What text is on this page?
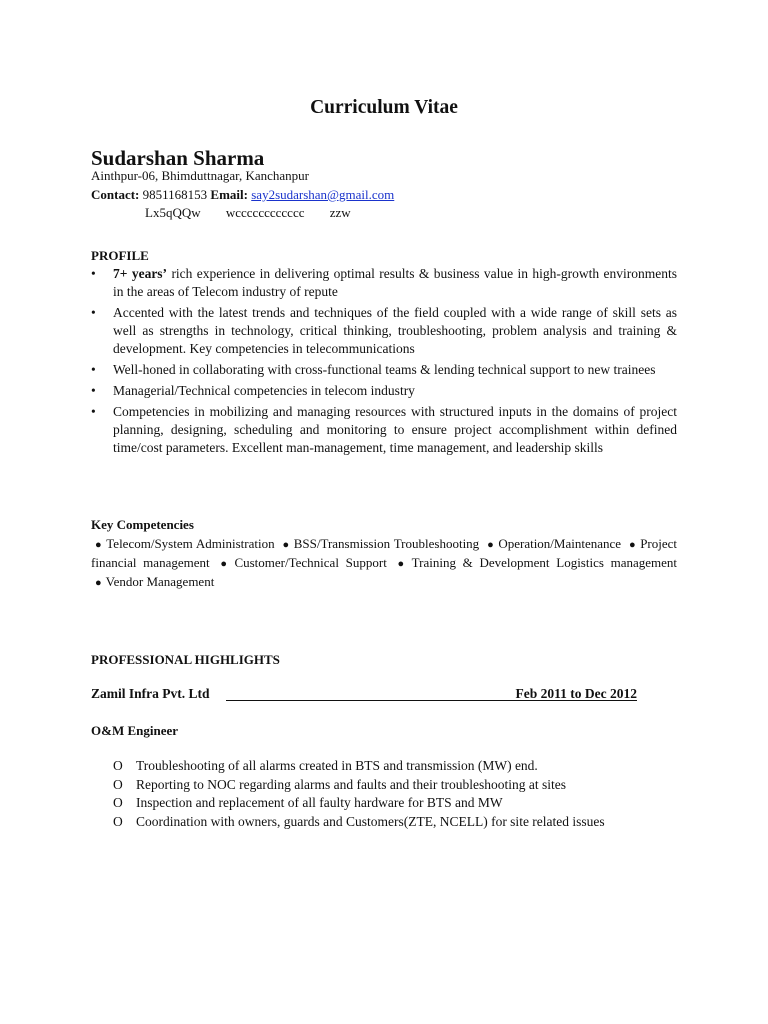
Curriculum Vitae
Sudarshan Sharma
Ainthpur-06, Bhimduttnagar, Kanchanpur
Contact: 9851168153 Email: say2sudarshan@gmail.com
Lx5qQQw wcccccccccccc zzw
PROFILE
• 7+ years’ rich experience in delivering optimal results & business value in high-growth environments in the areas of Telecom industry of repute
• Accented with the latest trends and techniques of the field coupled with a wide range of skill sets as well as strengths in technology, critical thinking, troubleshooting, problem analysis and training & development. Key competencies in telecommunications
• Well-honed in collaborating with cross-functional teams & lending technical support to new trainees
• Managerial/Technical competencies in telecom industry
• Competencies in mobilizing and managing resources with structured inputs in the domains of project planning, designing, scheduling and monitoring to ensure project accomplishment within defined time/cost parameters. Excellent man-management, time management, and leadership skills
Key Competencies
● Telecom/System Administration ● BSS/Transmission Troubleshooting ● Operation/Maintenance ● Project financial management ● Customer/Technical Support ● Training & Development Logistics management ● Vendor Management
PROFESSIONAL HIGHLIGHTS
Zamil Infra Pvt. Ltd	Feb 2011 to Dec 2012
O&M Engineer
O Troubleshooting of all alarms created in BTS and transmission (MW) end.
O Reporting to NOC regarding alarms and faults and their troubleshooting at sites
O Inspection and replacement of all faulty hardware for BTS and MW
O Coordination with owners, guards and Customers(ZTE, NCELL) for site related issues
